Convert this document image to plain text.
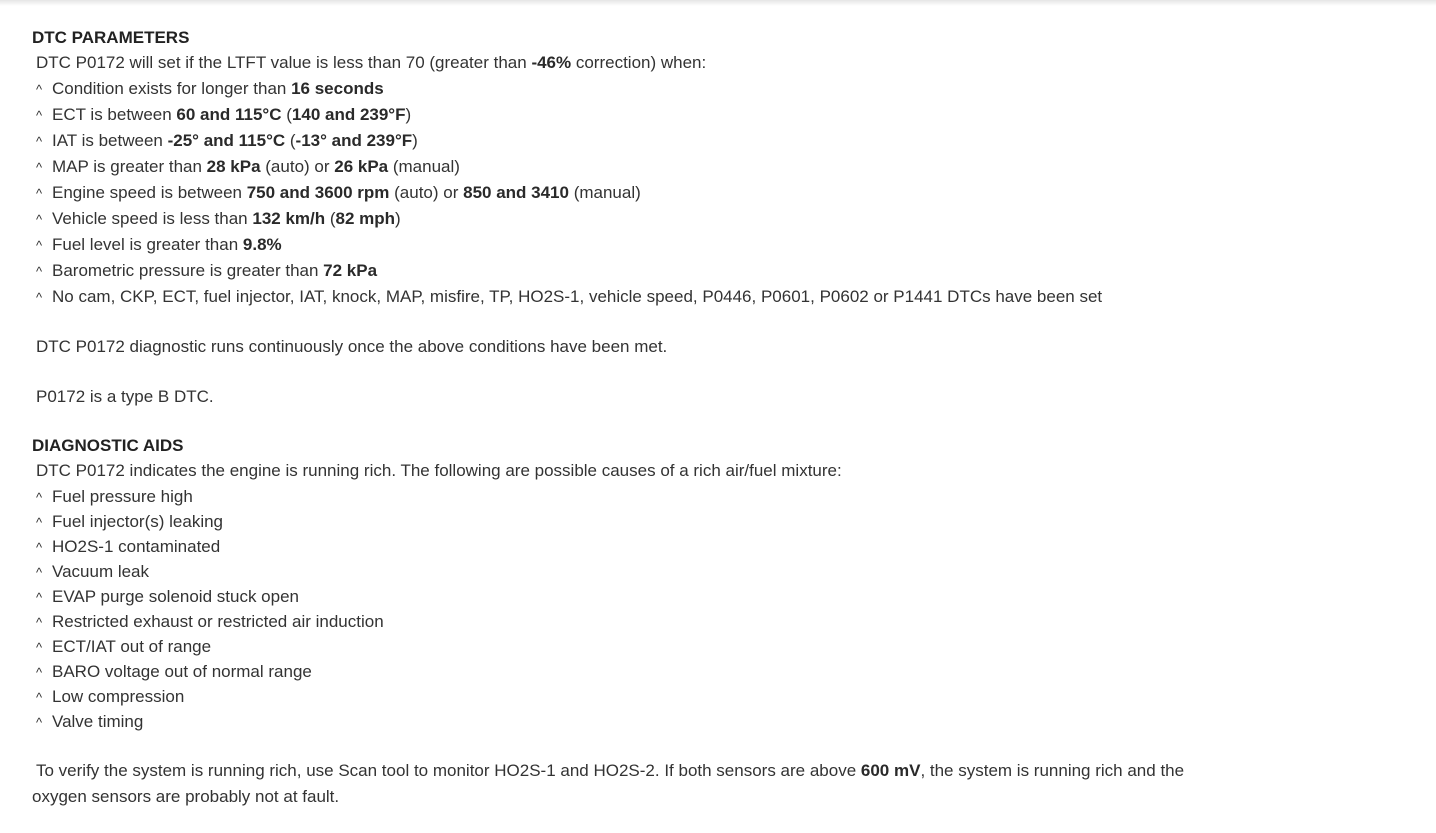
DTC PARAMETERS
DTC P0172 will set if the LTFT value is less than 70 (greater than -46% correction) when:
^ Condition exists for longer than 16 seconds
^ ECT is between 60 and 115°C (140 and 239°F)
^ IAT is between -25° and 115°C (-13° and 239°F)
^ MAP is greater than 28 kPa (auto) or 26 kPa (manual)
^ Engine speed is between 750 and 3600 rpm (auto) or 850 and 3410 (manual)
^ Vehicle speed is less than 132 km/h (82 mph)
^ Fuel level is greater than 9.8%
^ Barometric pressure is greater than 72 kPa
^ No cam, CKP, ECT, fuel injector, IAT, knock, MAP, misfire, TP, HO2S-1, vehicle speed, P0446, P0601, P0602 or P1441 DTCs have been set
DTC P0172 diagnostic runs continuously once the above conditions have been met.
P0172 is a type B DTC.
DIAGNOSTIC AIDS
DTC P0172 indicates the engine is running rich. The following are possible causes of a rich air/fuel mixture:
^ Fuel pressure high
^ Fuel injector(s) leaking
^ HO2S-1 contaminated
^ Vacuum leak
^ EVAP purge solenoid stuck open
^ Restricted exhaust or restricted air induction
^ ECT/IAT out of range
^ BARO voltage out of normal range
^ Low compression
^ Valve timing
To verify the system is running rich, use Scan tool to monitor HO2S-1 and HO2S-2. If both sensors are above 600 mV, the system is running rich and the
oxygen sensors are probably not at fault.
